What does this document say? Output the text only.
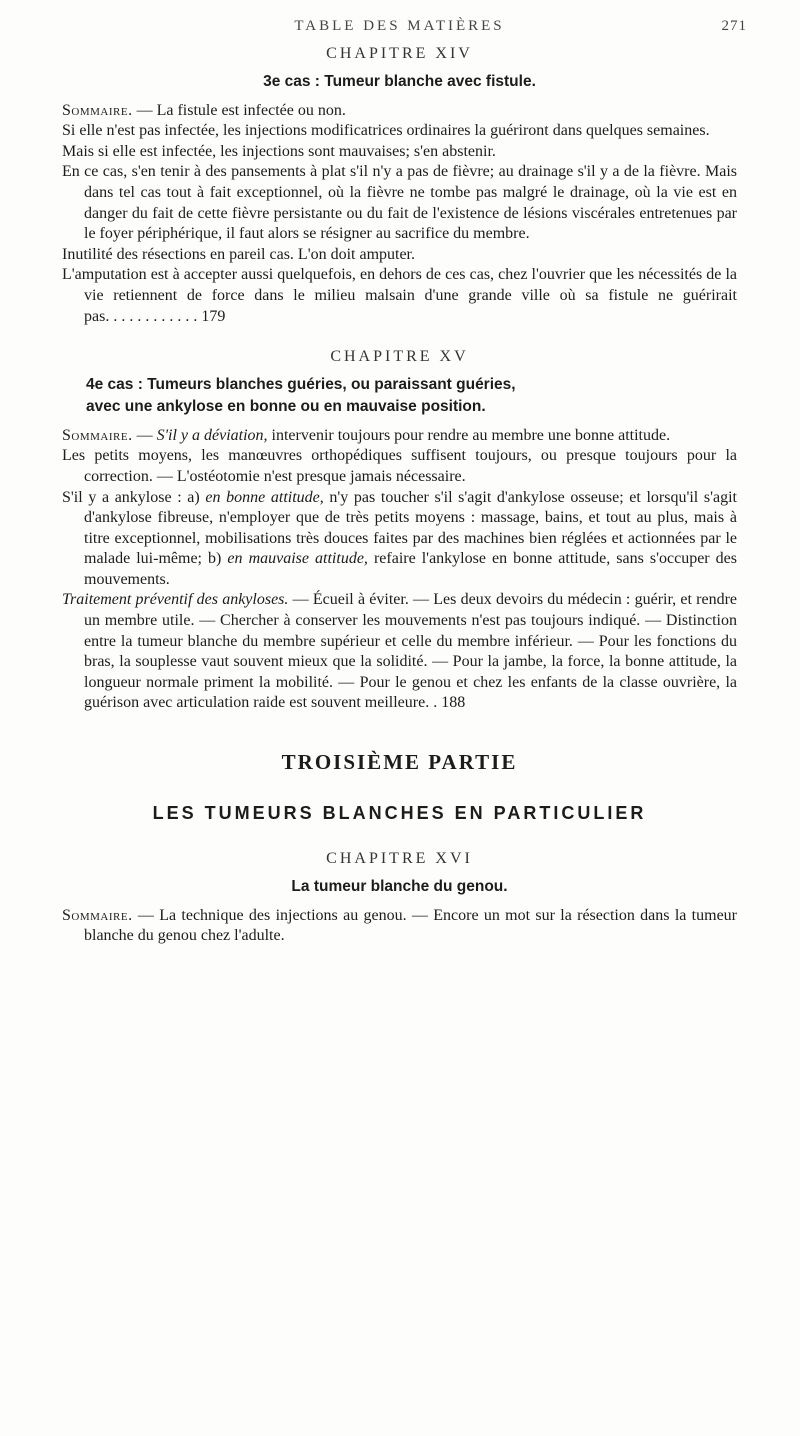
TABLE DES MATIÈRES	271

CHAPITRE XIV

3e cas : Tumeur blanche avec fistule.

Sommaire. — La fistule est infectée ou non.

Si elle n'est pas infectée, les injections modificatrices ordinaires la guériront dans quelques semaines.

Mais si elle est infectée, les injections sont mauvaises; s'en abstenir.

En ce cas, s'en tenir à des pansements à plat s'il n'y a pas de fièvre; au drainage s'il y a de la fièvre. Mais dans tel cas tout à fait exceptionnel, où la fièvre ne tombe pas malgré le drainage, où la vie est en danger du fait de cette fièvre persistante ou du fait de l'existence de lésions viscérales entretenues par le foyer périphérique, il faut alors se résigner au sacrifice du membre.

Inutilité des résections en pareil cas. L'on doit amputer.

L'amputation est à accepter aussi quelquefois, en dehors de ces cas, chez l'ouvrier que les nécessités de la vie retiennent de force dans le milieu malsain d'une grande ville où sa fistule ne guérirait pas. . . . . . . . . . . . 179

CHAPITRE XV

4e cas : Tumeurs blanches guéries, ou paraissant guéries,
avec une ankylose en bonne ou en mauvaise position.

Sommaire. — S'il y a déviation, intervenir toujours pour rendre au membre une bonne attitude.

Les petits moyens, les manœuvres orthopédiques suffisent toujours, ou presque toujours pour la correction. — L'ostéotomie n'est presque jamais nécessaire.

S'il y a ankylose : a) en bonne attitude, n'y pas toucher s'il s'agit d'ankylose osseuse; et lorsqu'il s'agit d'ankylose fibreuse, n'employer que de très petits moyens : massage, bains, et tout au plus, mais à titre exceptionnel, mobilisations très douces faites par des machines bien réglées et actionnées par le malade lui-même; b) en mauvaise attitude, refaire l'ankylose en bonne attitude, sans s'occuper des mouvements.

Traitement préventif des ankyloses. — Écueil à éviter. — Les deux devoirs du médecin : guérir, et rendre un membre utile. — Chercher à conserver les mouvements n'est pas toujours indiqué. — Distinction entre la tumeur blanche du membre supérieur et celle du membre inférieur. — Pour les fonctions du bras, la souplesse vaut souvent mieux que la solidité. — Pour la jambe, la force, la bonne attitude, la longueur normale priment la mobilité. — Pour le genou et chez les enfants de la classe ouvrière, la guérison avec articulation raide est souvent meilleure. . 188

TROISIÈME PARTIE

LES TUMEURS BLANCHES EN PARTICULIER

CHAPITRE XVI

La tumeur blanche du genou.

Sommaire. — La technique des injections au genou. — Encore un mot sur la résection dans la tumeur blanche du genou chez l'adulte.
